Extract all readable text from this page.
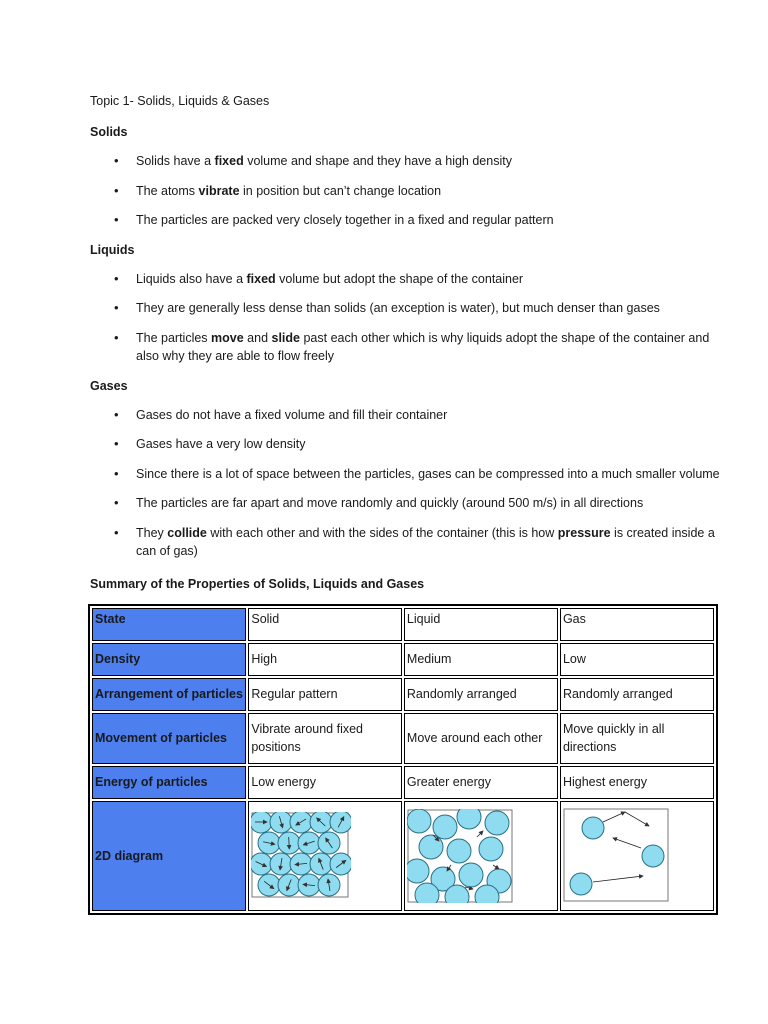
Topic 1- Solids, Liquids & Gases
Solids
• Solids have a fixed volume and shape and they have a high density
• The atoms vibrate in position but can’t change location
• The particles are packed very closely together in a fixed and regular pattern
Liquids
• Liquids also have a fixed volume but adopt the shape of the container
• They are generally less dense than solids (an exception is water), but much denser than gases
• The particles move and slide past each other which is why liquids adopt the shape of the container and also why they are able to flow freely
Gases
• Gases do not have a fixed volume and fill their container
• Gases have a very low density
• Since there is a lot of space between the particles, gases can be compressed into a much smaller volume
• The particles are far apart and move randomly and quickly (around 500 m/s) in all directions
• They collide with each other and with the sides of the container (this is how pressure is created inside a can of gas)
Summary of the Properties of Solids, Liquids and Gases
State	Solid	Liquid	Gas
Density	High	Medium	Low
Arrangement of particles	Regular pattern	Randomly arranged	Randomly arranged
Movement of particles	Vibrate around fixed positions	Move around each other	Move quickly in all directions
Energy of particles	Low energy	Greater energy	Highest energy
2D diagram	
